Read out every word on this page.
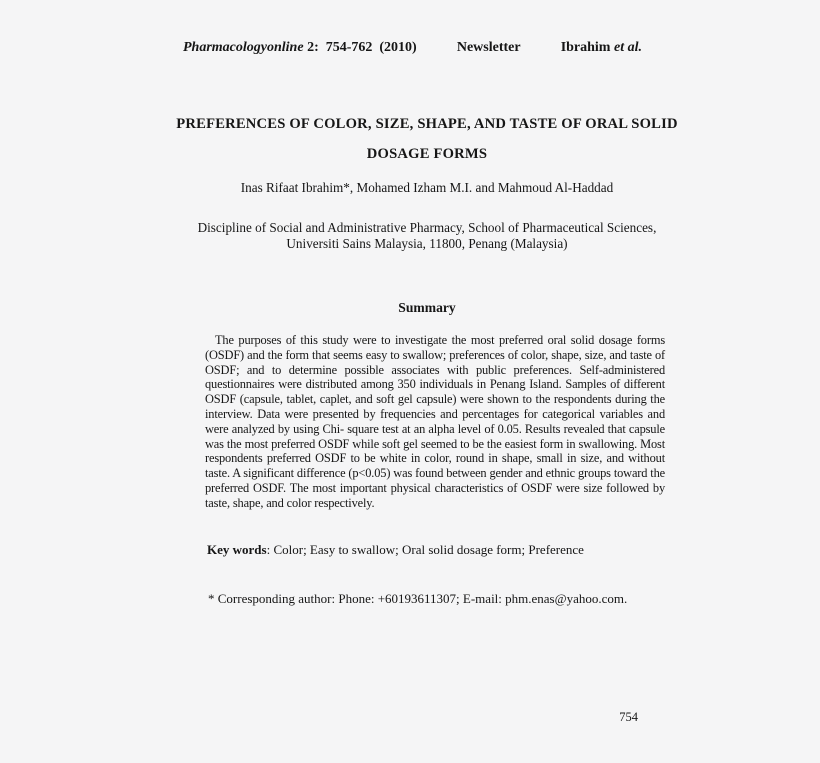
Pharmacologyonline 2:  754-762  (2010)	Newsletter	Ibrahim et al.
PREFERENCES OF COLOR, SIZE, SHAPE, AND TASTE OF ORAL SOLID
DOSAGE FORMS
Inas Rifaat Ibrahim*, Mohamed Izham M.I. and Mahmoud Al-Haddad
Discipline of Social and Administrative Pharmacy, School of Pharmaceutical Sciences,
Universiti Sains Malaysia, 11800, Penang (Malaysia)
Summary
The purposes of this study were to investigate the most preferred oral solid dosage forms (OSDF) and the form that seems easy to swallow; preferences of color, shape, size, and taste of OSDF; and to determine possible associates with public preferences. Self-administered questionnaires were distributed among 350 individuals in Penang Island. Samples of different OSDF (capsule, tablet, caplet, and soft gel capsule) were shown to the respondents during the interview. Data were presented by frequencies and percentages for categorical variables and were analyzed by using Chi- square test at an alpha level of 0.05. Results revealed that capsule was the most preferred OSDF while soft gel seemed to be the easiest form in swallowing. Most respondents preferred OSDF to be white in color, round in shape, small in size, and without taste. A significant difference (p<0.05) was found between gender and ethnic groups toward the preferred OSDF. The most important physical characteristics of OSDF were size followed by taste, shape, and color respectively.
Key words: Color; Easy to swallow; Oral solid dosage form; Preference
* Corresponding author: Phone: +60193611307; E-mail: phm.enas@yahoo.com.
754
